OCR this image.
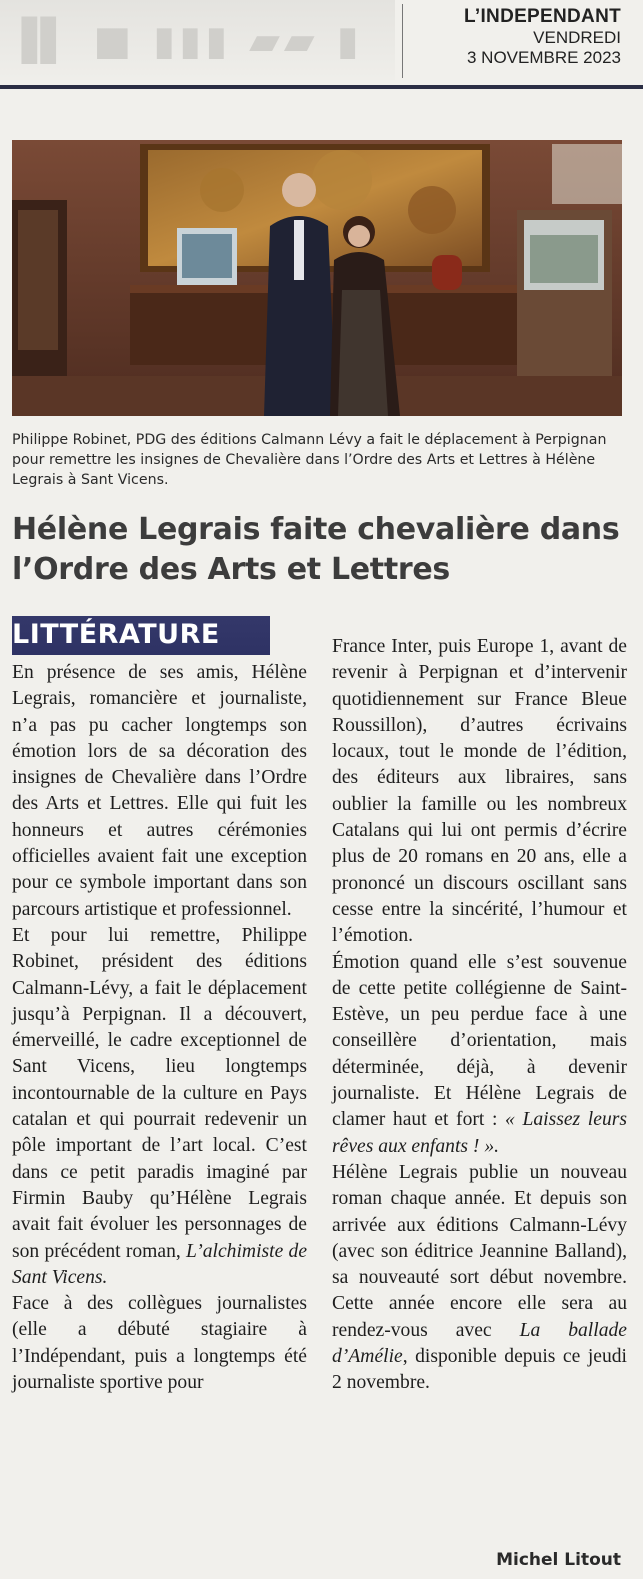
▐▌ ■ ▮▮▮ ▰▰ ▮
L’INDEPENDANT
VENDREDI
3 NOVEMBRE 2023
Philippe Robinet, PDG des éditions Calmann Lévy a fait le déplacement à Perpignan pour remettre les insignes de Chevalière dans l’Ordre des Arts et Lettres à Hélène Legrais à Sant Vicens.
Hélène Legrais faite chevalière dans l’Ordre des Arts et Lettres
LITTÉRATURE

En présence de ses amis, Hélène Legrais, romancière et journaliste, n’a pas pu cacher longtemps son émotion lors de sa décoration des insignes de Chevalière dans l’Ordre des Arts et Lettres. Elle qui fuit les honneurs et autres cérémonies officielles avaient fait une exception pour ce symbole important dans son parcours artistique et professionnel.

Et pour lui remettre, Philippe Robinet, président des éditions Calmann-Lévy, a fait le déplacement jusqu’à Perpignan. Il a découvert, émerveillé, le cadre exceptionnel de Sant Vicens, lieu longtemps incontournable de la culture en Pays catalan et qui pourrait redevenir un pôle important de l’art local. C’est dans ce petit paradis imaginé par Firmin Bauby qu’Hélène Legrais avait fait évoluer les personnages de son précédent roman, L’alchimiste de Sant Vicens.

Face à des collègues journalistes (elle a débuté stagiaire à l’Indépendant, puis a longtemps été journaliste sportive pour

France Inter, puis Europe 1, avant de revenir à Perpignan et d’intervenir quotidiennement sur France Bleue Roussillon), d’autres écrivains locaux, tout le monde de l’édition, des éditeurs aux libraires, sans oublier la famille ou les nombreux Catalans qui lui ont permis d’écrire plus de 20 romans en 20 ans, elle a prononcé un discours oscillant sans cesse entre la sincérité, l’humour et l’émotion.

Émotion quand elle s’est souvenue de cette petite collégienne de Saint-Estève, un peu perdue face à une conseillère d’orientation, mais déterminée, déjà, à devenir journaliste. Et Hélène Legrais de clamer haut et fort : « Laissez leurs rêves aux enfants ! ».

Hélène Legrais publie un nouveau roman chaque année. Et depuis son arrivée aux éditions Calmann-Lévy (avec son éditrice Jeannine Balland), sa nouveauté sort début novembre. Cette année encore elle sera au rendez-vous avec La ballade d’Amélie, disponible depuis ce jeudi 2 novembre.

Michel Litout
